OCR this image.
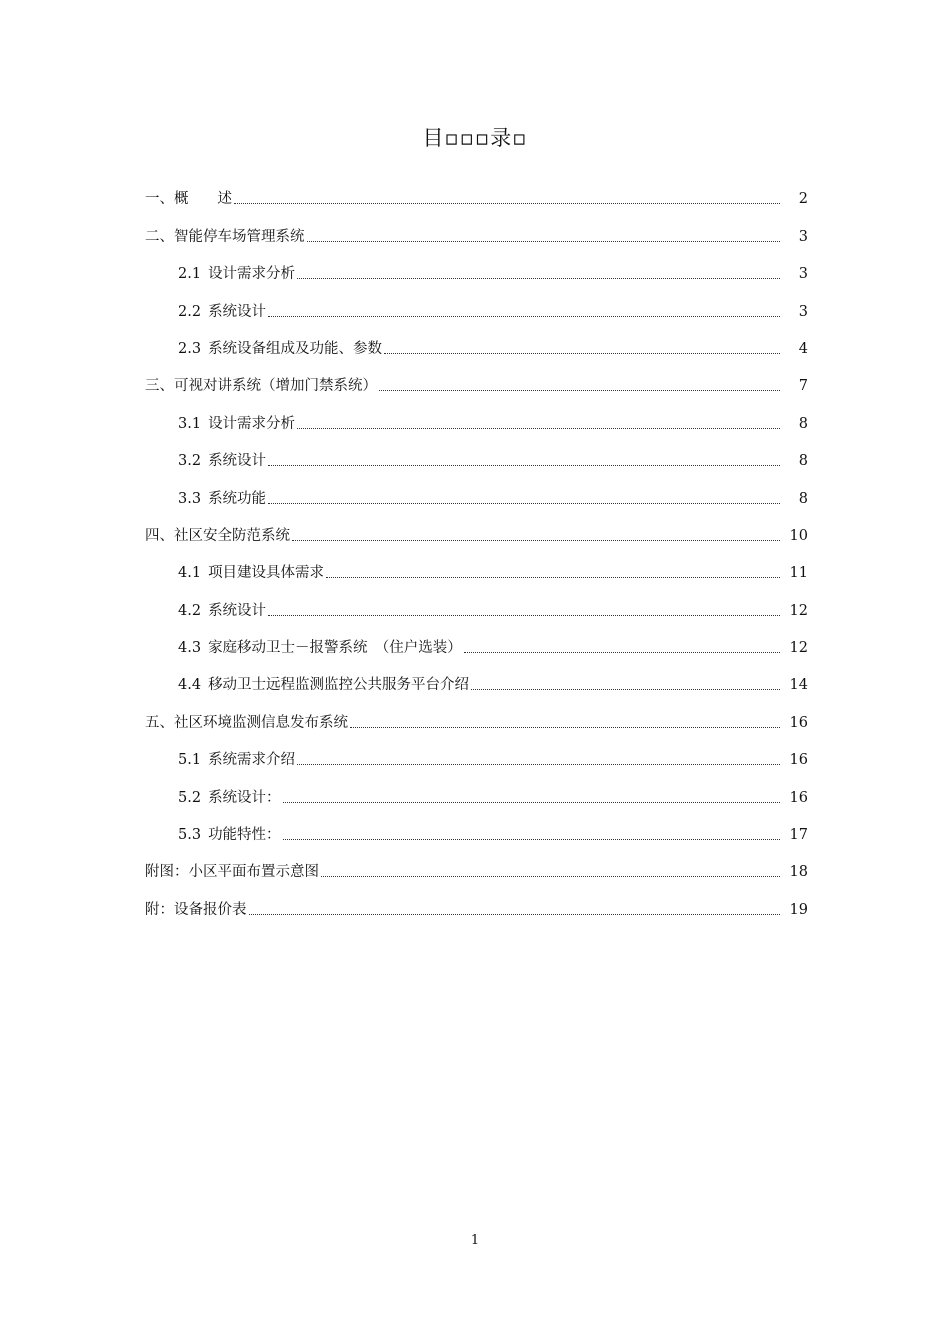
目▫▫▫录▫
一、概　　述	2
二、智能停车场管理系统	3
2.1 设计需求分析	3
2.2 系统设计	3
2.3 系统设备组成及功能、参数	4
三、可视对讲系统（增加门禁系统）	7
3.1 设计需求分析	8
3.2 系统设计	8
3.3 系统功能	8
四、社区安全防范系统	10
4.1 项目建设具体需求	11
4.2 系统设计	12
4.3 家庭移动卫士－报警系统　（住户选装）	12
4.4 移动卫士远程监测监控公共服务平台介绍	14
五、社区环境监测信息发布系统	16
5.1 系统需求介绍	16
5.2 系统设计：	16
5.3 功能特性：	17
附图：小区平面布置示意图	18
附：设备报价表	19
1
